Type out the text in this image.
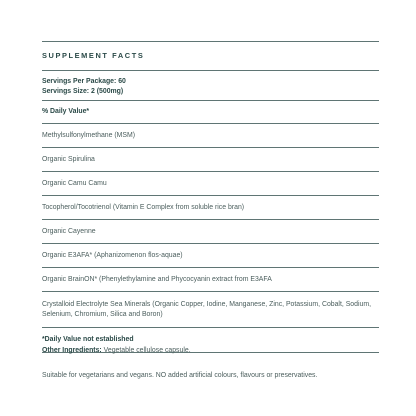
SUPPLEMENT FACTS
Servings Per Package: 60
Servings Size: 2 (500mg)
% Daily Value*
Methylsulfonylmethane (MSM)
Organic Spirulina
Organic Camu Camu
Tocopherol/Tocotrienol (Vitamin E Complex from soluble rice bran)
Organic Cayenne
Organic E3AFA* (Aphanizomenon flos-aquae)
Organic BrainON* (Phenylethylamine and Phycocyanin extract from E3AFA
Crystalloid Electrolyte Sea Minerals (Organic Copper, Iodine, Manganese, Zinc, Potassium, Cobalt, Sodium, Selenium, Chromium, Silica and Boron)
*Daily Value not established
Other Ingredients: Vegetable cellulose capsule.
Suitable for vegetarians and vegans. NO added artificial colours, flavours or preservatives.
